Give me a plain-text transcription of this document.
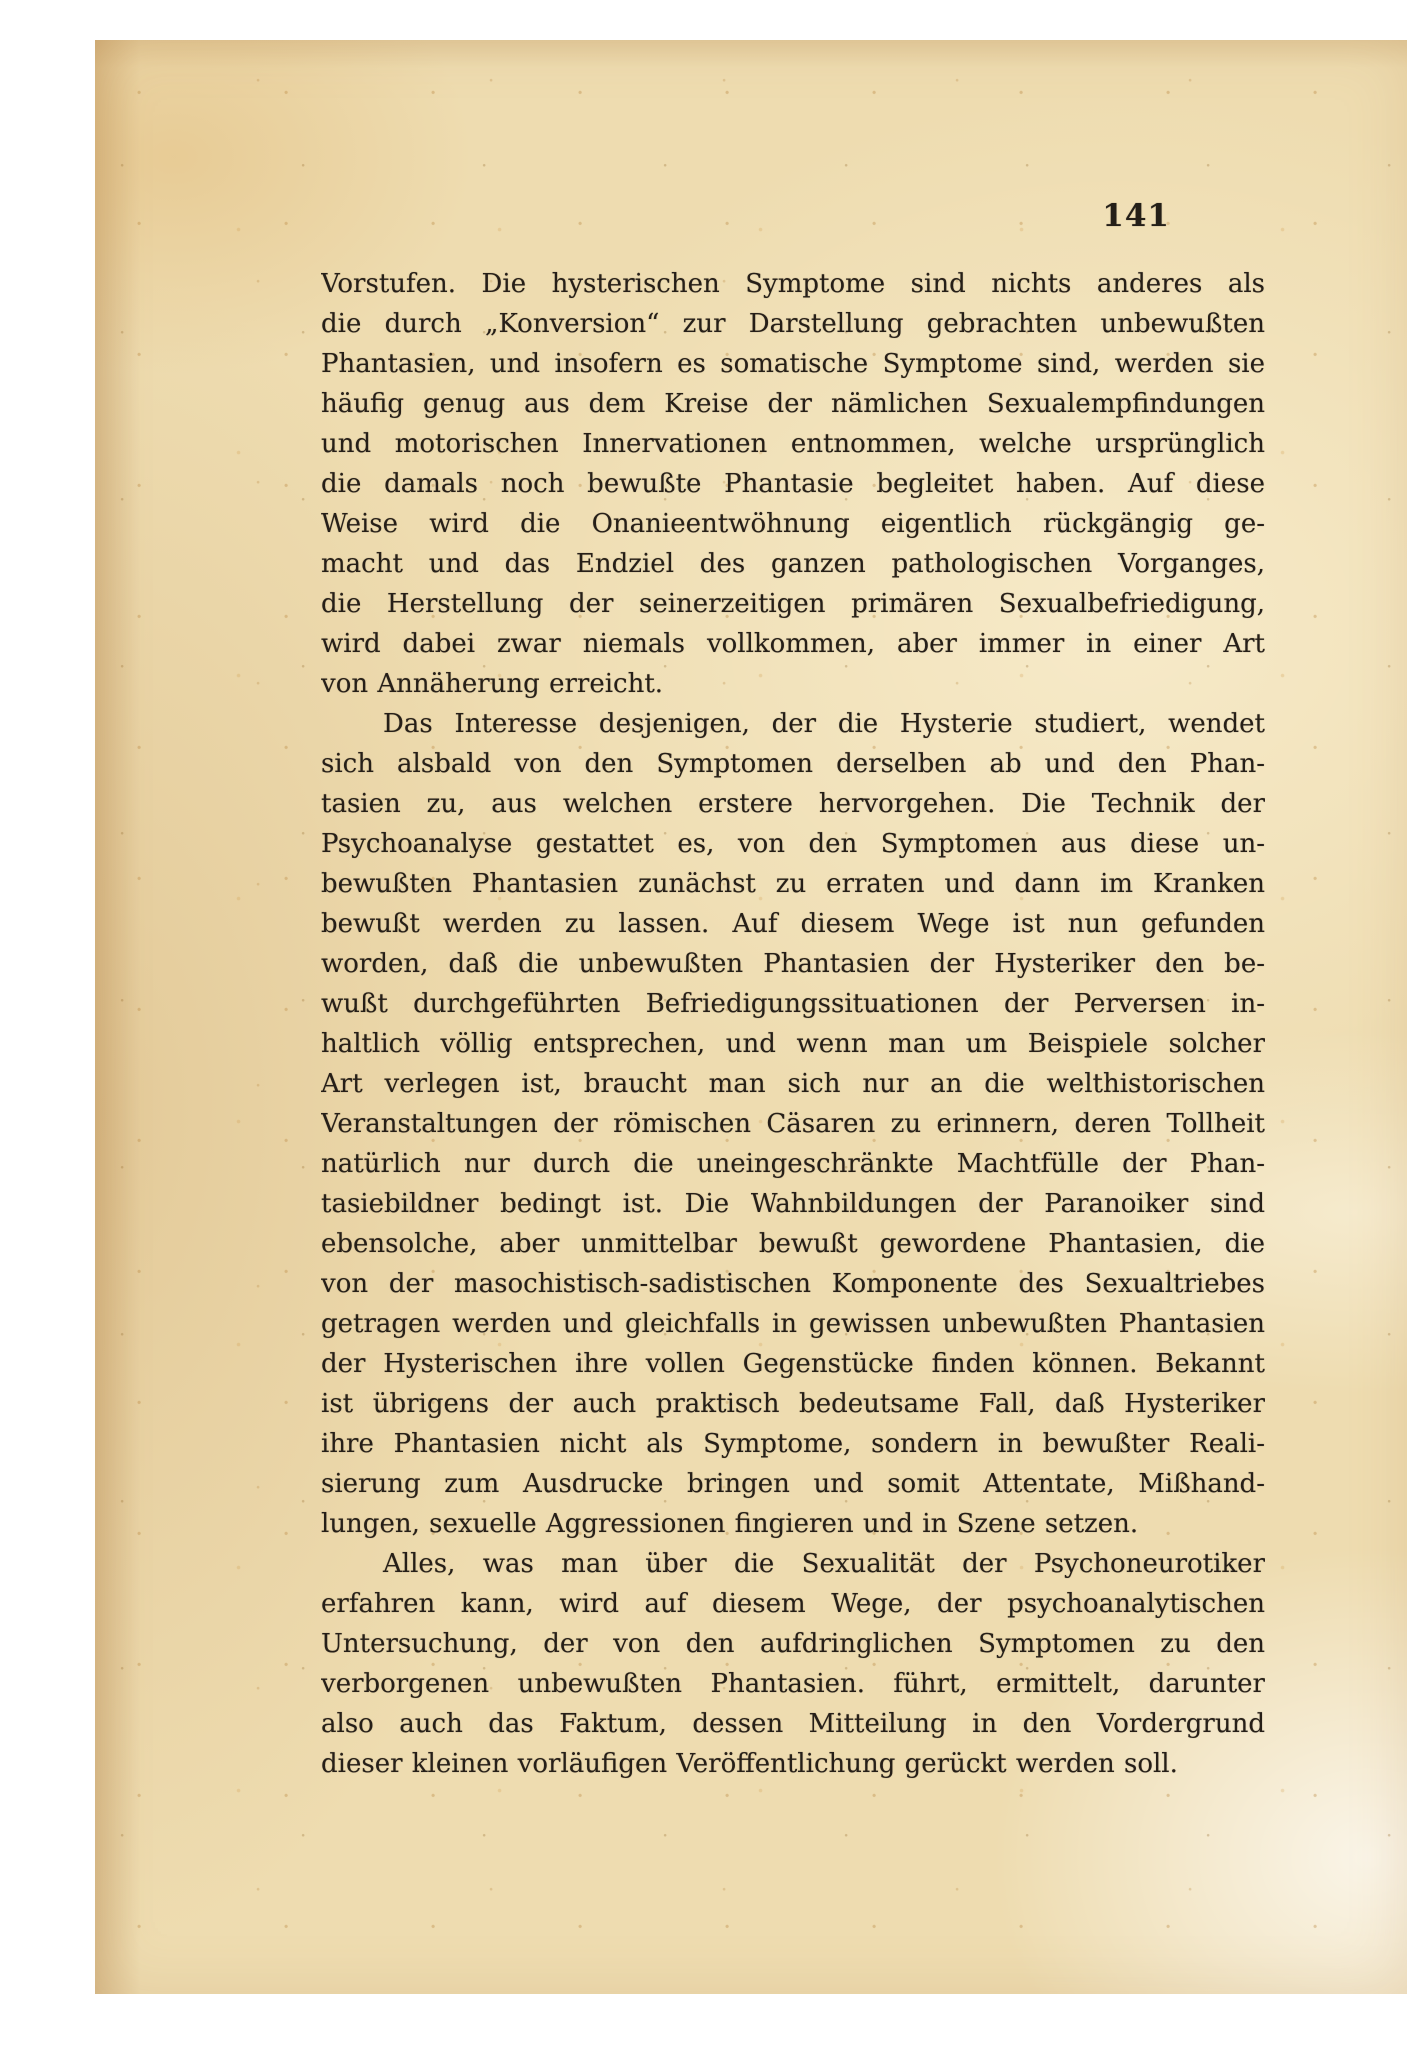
141
Vorstufen. Die hysterischen Symptome sind nichts anderes als
die durch „Konversion“ zur Darstellung gebrachten unbewußten
Phantasien, und insofern es somatische Symptome sind, werden sie
häufig genug aus dem Kreise der nämlichen Sexualempfindungen
und motorischen Innervationen entnommen, welche ursprünglich
die damals noch bewußte Phantasie begleitet haben. Auf diese
Weise wird die Onanieentwöhnung eigentlich rückgängig ge-
macht und das Endziel des ganzen pathologischen Vorganges,
die Herstellung der seinerzeitigen primären Sexualbefriedigung,
wird dabei zwar niemals vollkommen, aber immer in einer Art
von Annäherung erreicht.
Das Interesse desjenigen, der die Hysterie studiert, wendet
sich alsbald von den Symptomen derselben ab und den Phan-
tasien zu, aus welchen erstere hervorgehen. Die Technik der
Psychoanalyse gestattet es, von den Symptomen aus diese un-
bewußten Phantasien zunächst zu erraten und dann im Kranken
bewußt werden zu lassen. Auf diesem Wege ist nun gefunden
worden, daß die unbewußten Phantasien der Hysteriker den be-
wußt durchgeführten Befriedigungssituationen der Perversen in-
haltlich völlig entsprechen, und wenn man um Beispiele solcher
Art verlegen ist, braucht man sich nur an die welthistorischen
Veranstaltungen der römischen Cäsaren zu erinnern, deren Tollheit
natürlich nur durch die uneingeschränkte Machtfülle der Phan-
tasiebildner bedingt ist. Die Wahnbildungen der Paranoiker sind
ebensolche, aber unmittelbar bewußt gewordene Phantasien, die
von der masochistisch-sadistischen Komponente des Sexualtriebes
getragen werden und gleichfalls in gewissen unbewußten Phantasien
der Hysterischen ihre vollen Gegenstücke finden können. Bekannt
ist übrigens der auch praktisch bedeutsame Fall, daß Hysteriker
ihre Phantasien nicht als Symptome, sondern in bewußter Reali-
sierung zum Ausdrucke bringen und somit Attentate, Mißhand-
lungen, sexuelle Aggressionen fingieren und in Szene setzen.
Alles, was man über die Sexualität der Psychoneurotiker
erfahren kann, wird auf diesem Wege, der psychoanalytischen
Untersuchung, der von den aufdringlichen Symptomen zu den
verborgenen unbewußten Phantasien. führt, ermittelt, darunter
also auch das Faktum, dessen Mitteilung in den Vordergrund
dieser kleinen vorläufigen Veröffentlichung gerückt werden soll.
